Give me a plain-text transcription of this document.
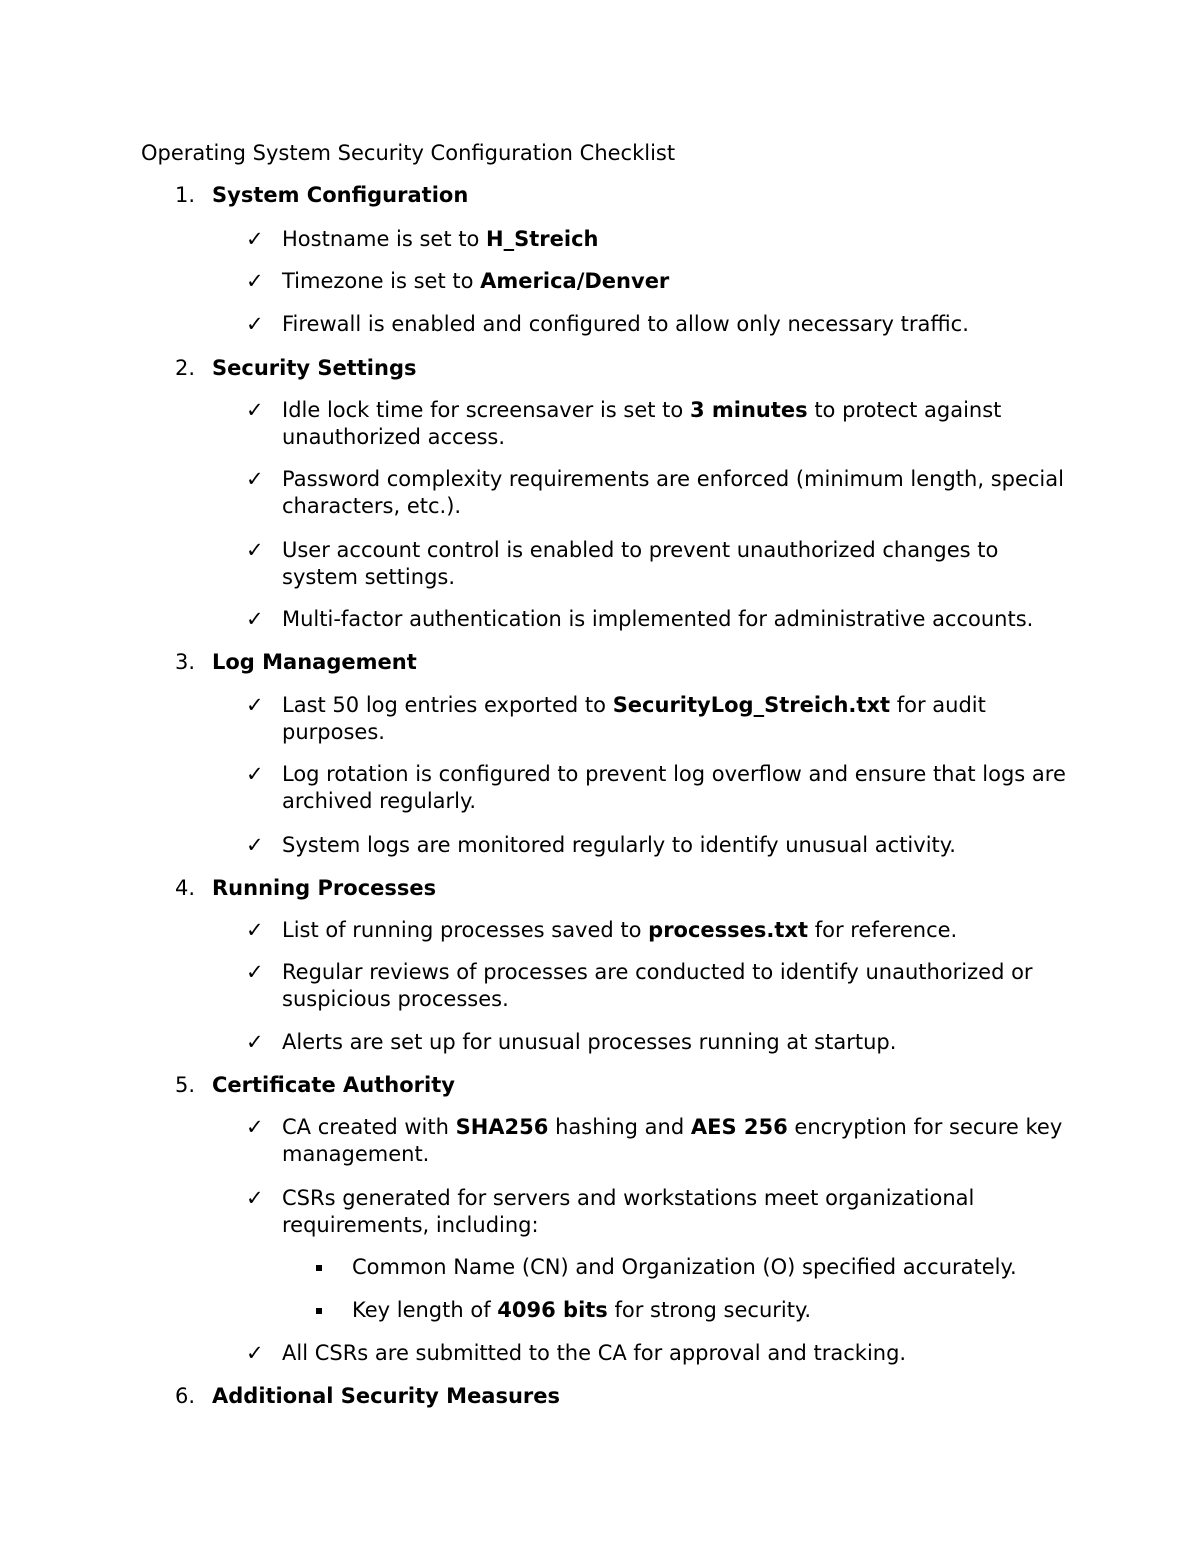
Operating System Security Configuration Checklist
1. System Configuration
✓ Hostname is set to H_Streich
✓ Timezone is set to America/Denver
✓ Firewall is enabled and configured to allow only necessary traffic.
2. Security Settings
✓ Idle lock time for screensaver is set to 3 minutes to protect against unauthorized access.
✓ Password complexity requirements are enforced (minimum length, special characters, etc.).
✓ User account control is enabled to prevent unauthorized changes to system settings.
✓ Multi-factor authentication is implemented for administrative accounts.
3. Log Management
✓ Last 50 log entries exported to SecurityLog_Streich.txt for audit purposes.
✓ Log rotation is configured to prevent log overflow and ensure that logs are archived regularly.
✓ System logs are monitored regularly to identify unusual activity.
4. Running Processes
✓ List of running processes saved to processes.txt for reference.
✓ Regular reviews of processes are conducted to identify unauthorized or suspicious processes.
✓ Alerts are set up for unusual processes running at startup.
5. Certificate Authority
✓ CA created with SHA256 hashing and AES 256 encryption for secure key management.
✓ CSRs generated for servers and workstations meet organizational requirements, including:
Common Name (CN) and Organization (O) specified accurately.
Key length of 4096 bits for strong security.
✓ All CSRs are submitted to the CA for approval and tracking.
6. Additional Security Measures
